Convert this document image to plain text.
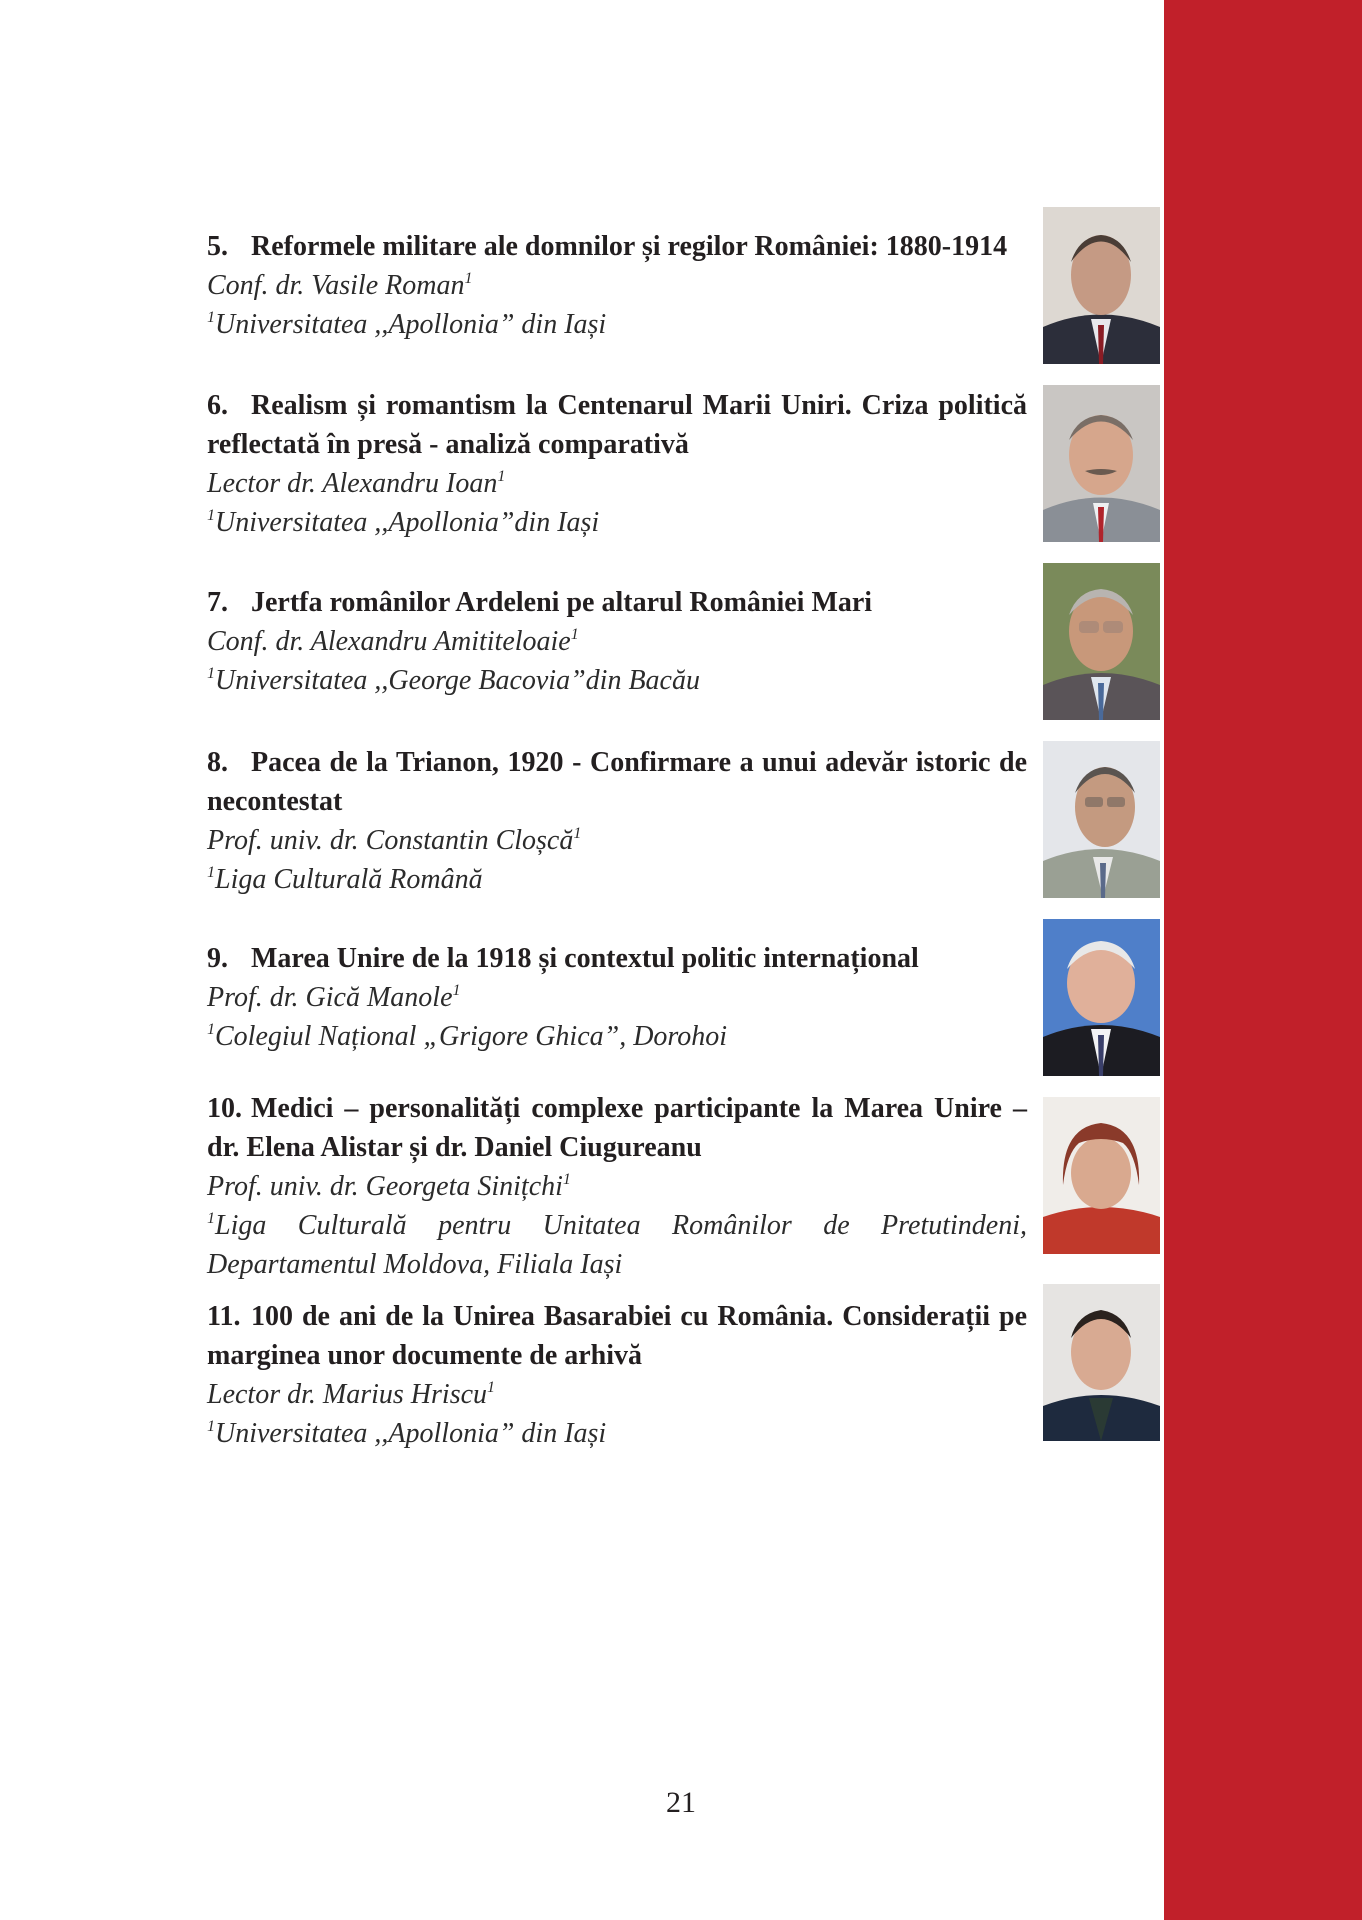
5. Reformele militare ale domnilor și regilor României: 1880-1914

Conf. dr. Vasile Roman$^1$

$^1$Universitatea ,,Apollonia” din Iași

6. Realism și romantism la Centenarul Marii Uniri. Criza politică reflectată în presă - analiză comparativă

Lector dr. Alexandru Ioan$^1$

$^1$Universitatea ,,Apollonia”din Iași

7. Jertfa românilor Ardeleni pe altarul României Mari

Conf. dr. Alexandru Amititeloaie$^1$

$^1$Universitatea ,,George Bacovia”din Bacău

8. Pacea de la Trianon, 1920 - Confirmare a unui adevăr istoric de necontestat

Prof. univ. dr. Constantin Cloșcă$^1$

$^1$Liga Culturală Română

9. Marea Unire de la 1918 și contextul politic internațional

Prof. dr. Gică Manole$^1$

$^1$Colegiul Național „Grigore Ghica”, Dorohoi

10. Medici – personalități complexe participante la Marea Unire – dr. Elena Alistar și dr. Daniel Ciugureanu

Prof. univ. dr. Georgeta Sinițchi$^1$

$^1$Liga Culturală pentru Unitatea Românilor de Pretutindeni, Departamentul Moldova, Filiala Iași

11. 100 de ani de la Unirea Basarabiei cu România. Considerații pe marginea unor documente de arhivă

Lector dr. Marius Hriscu$^1$

$^1$Universitatea ,,Apollonia” din Iași

21
